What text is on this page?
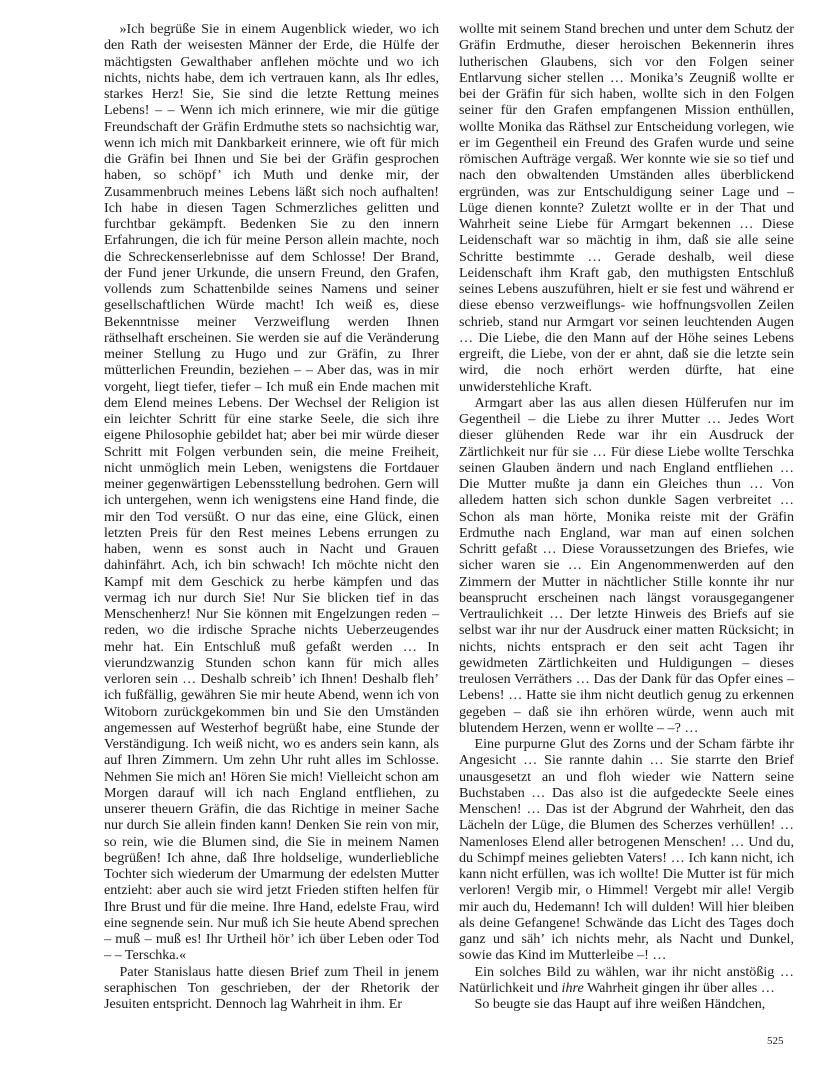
»Ich begrüße Sie in einem Augenblick wieder, wo ich den Rath der weisesten Männer der Erde, die Hülfe der mächtigsten Gewalthaber anflehen möchte und wo ich nichts, nichts habe, dem ich vertrauen kann, als Ihr edles, starkes Herz! Sie, Sie sind die letzte Rettung meines Lebens! – – Wenn ich mich erinnere, wie mir die gütige Freundschaft der Gräfin Erdmuthe stets so nachsichtig war, wenn ich mich mit Dankbarkeit erinnere, wie oft für mich die Gräfin bei Ihnen und Sie bei der Gräfin gesprochen haben, so schöpf’ ich Muth und denke mir, der Zusammenbruch meines Lebens läßt sich noch aufhalten! Ich habe in diesen Tagen Schmerzliches gelitten und furchtbar gekämpft. Bedenken Sie zu den innern Erfahrungen, die ich für meine Person allein machte, noch die Schreckenserlebnisse auf dem Schlosse! Der Brand, der Fund jener Urkunde, die unsern Freund, den Grafen, vollends zum Schattenbilde seines Namens und seiner gesellschaftlichen Würde macht! Ich weiß es, diese Bekenntnisse meiner Verzweiflung werden Ihnen räthselhaft erscheinen. Sie werden sie auf die Veränderung meiner Stellung zu Hugo und zur Gräfin, zu Ihrer mütterlichen Freundin, beziehen – – Aber das, was in mir vorgeht, liegt tiefer, tiefer – Ich muß ein Ende machen mit dem Elend meines Lebens. Der Wechsel der Religion ist ein leichter Schritt für eine starke Seele, die sich ihre eigene Philosophie gebildet hat; aber bei mir würde dieser Schritt mit Folgen verbunden sein, die meine Freiheit, nicht unmöglich mein Leben, wenigstens die Fortdauer meiner gegenwärtigen Lebensstellung bedrohen. Gern will ich untergehen, wenn ich wenigstens eine Hand finde, die mir den Tod versüßt. O nur das eine, eine Glück, einen letzten Preis für den Rest meines Lebens errungen zu haben, wenn es sonst auch in Nacht und Grauen dahinfährt. Ach, ich bin schwach! Ich möchte nicht den Kampf mit dem Geschick zu herbe kämpfen und das vermag ich nur durch Sie! Nur Sie blicken tief in das Menschenherz! Nur Sie können mit Engelzungen reden – reden, wo die irdische Sprache nichts Ueberzeugendes mehr hat. Ein Entschluß muß gefaßt werden … In vierundzwanzig Stunden schon kann für mich alles verloren sein … Deshalb schreib’ ich Ihnen! Deshalb fleh’ ich fußfällig, gewähren Sie mir heute Abend, wenn ich von Witoborn zurückgekommen bin und Sie den Umständen angemessen auf Westerhof begrüßt habe, eine Stunde der Verständigung. Ich weiß nicht, wo es anders sein kann, als auf Ihren Zimmern. Um zehn Uhr ruht alles im Schlosse. Nehmen Sie mich an! Hören Sie mich! Vielleicht schon am Morgen darauf will ich nach England entfliehen, zu unserer theuern Gräfin, die das Richtige in meiner Sache nur durch Sie allein finden kann! Denken Sie rein von mir, so rein, wie die Blumen sind, die Sie in meinem Namen begrüßen! Ich ahne, daß Ihre holdselige, wunderliebliche Tochter sich wiederum der Umarmung der edelsten Mutter entzieht: aber auch sie wird jetzt Frieden stiften helfen für Ihre Brust und für die meine. Ihre Hand, edelste Frau, wird eine segnende sein. Nur muß ich Sie heute Abend sprechen – muß – muß es! Ihr Urtheil hör’ ich über Leben oder Tod – – Terschka.«

Pater Stanislaus hatte diesen Brief zum Theil in jenem seraphischen Ton geschrieben, der der Rhetorik der Jesuiten entspricht. Dennoch lag Wahrheit in ihm. Er

wollte mit seinem Stand brechen und unter dem Schutz der Gräfin Erdmuthe, dieser heroischen Bekennerin ihres lutherischen Glaubens, sich vor den Folgen seiner Entlarvung sicher stellen … Monika’s Zeugniß wollte er bei der Gräfin für sich haben, wollte sich in den Folgen seiner für den Grafen empfangenen Mission enthüllen, wollte Monika das Räthsel zur Entscheidung vorlegen, wie er im Gegentheil ein Freund des Grafen wurde und seine römischen Aufträge vergaß. Wer konnte wie sie so tief und nach den obwaltenden Umständen alles überblickend ergründen, was zur Entschuldigung seiner Lage und – Lüge dienen konnte? Zuletzt wollte er in der That und Wahrheit seine Liebe für Armgart bekennen … Diese Leidenschaft war so mächtig in ihm, daß sie alle seine Schritte bestimmte … Gerade deshalb, weil diese Leidenschaft ihm Kraft gab, den muthigsten Entschluß seines Lebens auszuführen, hielt er sie fest und während er diese ebenso verzweiflungs- wie hoffnungsvollen Zeilen schrieb, stand nur Armgart vor seinen leuchtenden Augen … Die Liebe, die den Mann auf der Höhe seines Lebens ergreift, die Liebe, von der er ahnt, daß sie die letzte sein wird, die noch erhört werden dürfte, hat eine unwiderstehliche Kraft.

Armgart aber las aus allen diesen Hülferufen nur im Gegentheil – die Liebe zu ihrer Mutter … Jedes Wort dieser glühenden Rede war ihr ein Ausdruck der Zärtlichkeit nur für sie … Für diese Liebe wollte Terschka seinen Glauben ändern und nach England entfliehen … Die Mutter mußte ja dann ein Gleiches thun … Von alledem hatten sich schon dunkle Sagen verbreitet … Schon als man hörte, Monika reiste mit der Gräfin Erdmuthe nach England, war man auf einen solchen Schritt gefaßt … Diese Voraussetzungen des Briefes, wie sicher waren sie … Ein Angenommenwerden auf den Zimmern der Mutter in nächtlicher Stille konnte ihr nur beansprucht erscheinen nach längst vorausgegangener Vertraulichkeit … Der letzte Hinweis des Briefs auf sie selbst war ihr nur der Ausdruck einer matten Rücksicht; in nichts, nichts entsprach er den seit acht Tagen ihr gewidmeten Zärtlichkeiten und Huldigungen – dieses treulosen Verräthers … Das der Dank für das Opfer eines – Lebens! … Hatte sie ihm nicht deutlich genug zu erkennen gegeben – daß sie ihn erhören würde, wenn auch mit blutendem Herzen, wenn er wollte – –? …

Eine purpurne Glut des Zorns und der Scham färbte ihr Angesicht … Sie rannte dahin … Sie starrte den Brief unausgesetzt an und floh wieder wie Nattern seine Buchstaben … Das also ist die aufgedeckte Seele eines Menschen! … Das ist der Abgrund der Wahrheit, den das Lächeln der Lüge, die Blumen des Scherzes verhüllen! … Namenloses Elend aller betrogenen Menschen! … Und du, du Schimpf meines geliebten Vaters! … Ich kann nicht, ich kann nicht erfüllen, was ich wollte! Die Mutter ist für mich verloren! Vergib mir, o Himmel! Vergebt mir alle! Vergib mir auch du, Hedemann! Ich will dulden! Will hier bleiben als deine Gefangene! Schwände das Licht des Tages doch ganz und säh’ ich nichts mehr, als Nacht und Dunkel, sowie das Kind im Mutterleibe –! …

Ein solches Bild zu wählen, war ihr nicht anstößig … Natürlichkeit und ihre Wahrheit gingen ihr über alles …

So beugte sie das Haupt auf ihre weißen Händchen,

525
